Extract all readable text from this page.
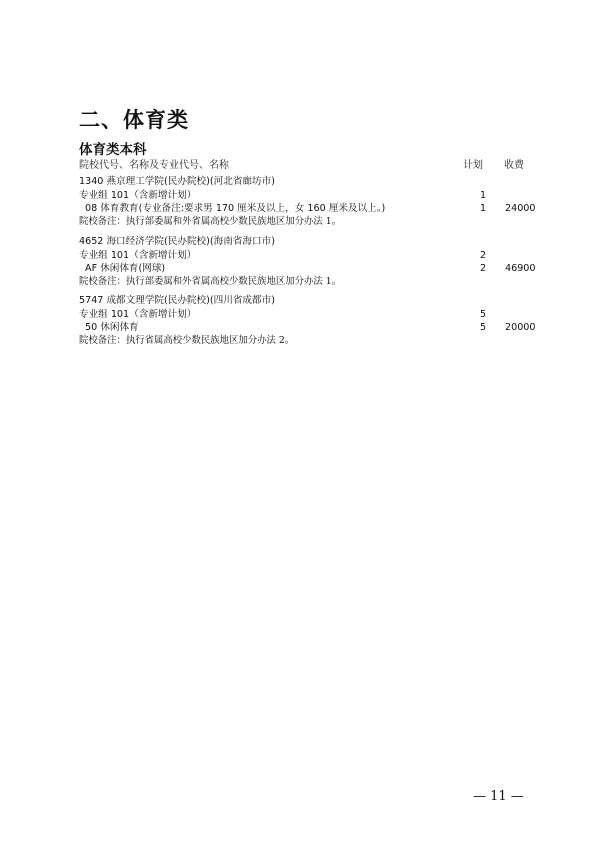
二、体育类
体育类本科
院校代号、名称及专业代号、名称	计划 收费
1340 燕京理工学院(民办院校)(河北省廊坊市)
专业组 101（含新增计划）	1
08 体育教育(专业备注:要求男 170 厘米及以上，女 160 厘米及以上。)	1 24000
院校备注：执行部委属和外省属高校少数民族地区加分办法 1。
4652 海口经济学院(民办院校)(海南省海口市)
专业组 101（含新增计划）	2
AF 休闲体育(网球)	2 46900
院校备注：执行部委属和外省属高校少数民族地区加分办法 1。
5747 成都文理学院(民办院校)(四川省成都市)
专业组 101（含新增计划）	5
50 休闲体育	5 20000
院校备注：执行省属高校少数民族地区加分办法 2。
— 11 —
